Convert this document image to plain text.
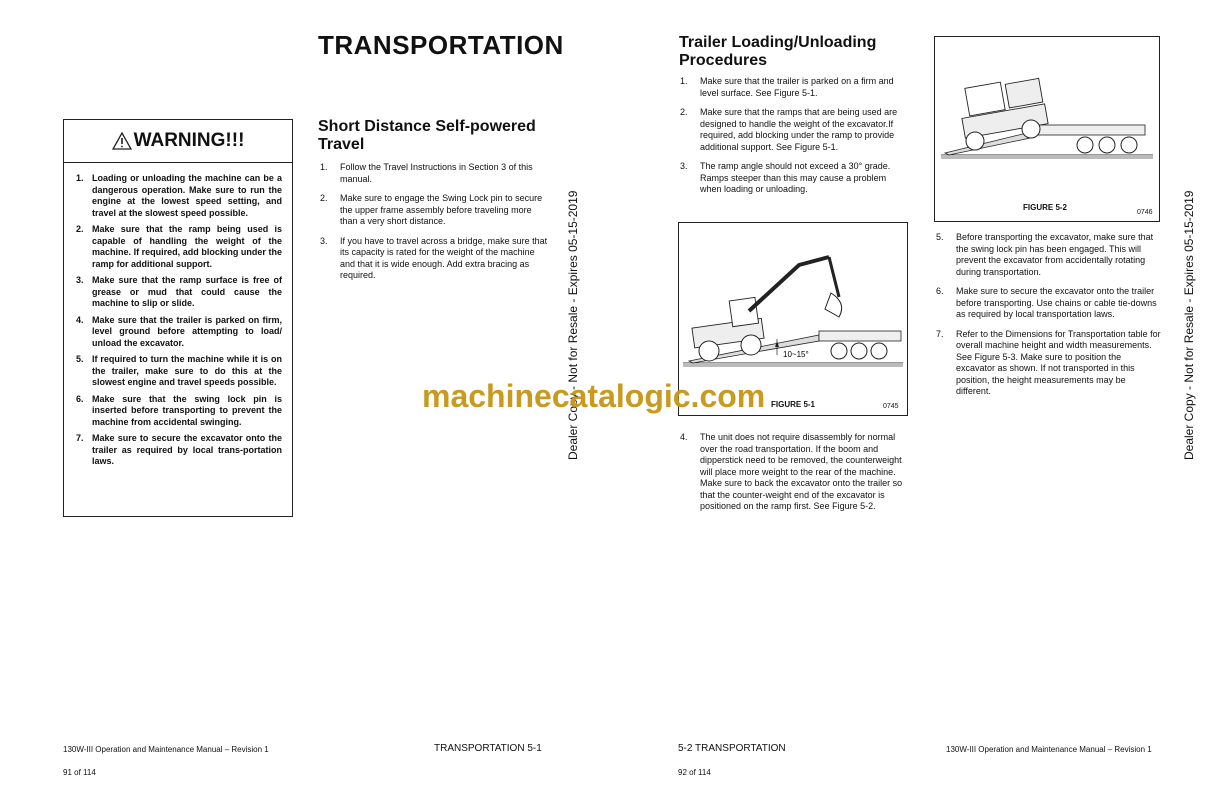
TRANSPORTATION
WARNING!!!
1. Loading or unloading the machine can be a dangerous operation. Make sure to run the engine at the lowest speed setting, and travel at the slowest speed possible.
2. Make sure that the ramp being used is capable of handling the weight of the machine. If required, add blocking under the ramp for additional support.
3. Make sure that the ramp surface is free of grease or mud that could cause the machine to slip or slide.
4. Make sure that the trailer is parked on firm, level ground before attempting to load/ unload the excavator.
5. If required to turn the machine while it is on the trailer, make sure to do this at the slowest engine and travel speeds possible.
6. Make sure that the swing lock pin is inserted before transporting to prevent the machine from accidental swinging.
7. Make sure to secure the excavator onto the trailer as required by local trans-portation laws.
Short Distance Self-powered Travel
1.	Follow the Travel Instructions in Section 3 of this manual.
2.	Make sure to engage the Swing Lock pin to secure the upper frame assembly before traveling more than a very short distance.
3.	If you have to travel across a bridge, make sure that its capacity is rated for the weight of the machine and that it is wide enough. Add extra bracing as required.	Dealer Copy - Not for Resale - Expires 05-15-2019
130W-III Operation and Maintenance Manual – Revision 1	TRANSPORTATION 5-1
91 of 114
Trailer Loading/Unloading Procedures
1.	Make sure that the trailer is parked on a firm and level surface. See Figure 5-1.
2.	Make sure that the ramps that are being used are designed to handle the weight of the excavator.If required, add blocking under the ramp to provide additional support. See Figure 5-1.
3.	The ramp angle should not exceed a 30° grade. Ramps steeper than this may cause a problem when loading or unloading.
10~15°
FIGURE 5-1	0745
4.	The unit does not require disassembly for normal over the road transportation. If the boom and dipperstick need to be removed, the counterweight will place more weight to the rear of the machine. Make sure to back the excavator onto the trailer so that the counter-weight end of the excavator is positioned on the ramp first. See Figure 5-2.
FIGURE 5-2
0746
5.	Before transporting the excavator, make sure that the swing lock pin has been engaged. This will prevent the excavator from accidentally rotating during transportation.
6.	Make sure to secure the excavator onto the trailer before transporting. Use chains or cable tie-downs as required by local transportation laws.
7.	Refer to the Dimensions for Transportation table for overall machine height and width measurements. See Figure 5-3. Make sure to position the excavator as shown. If not transported in this position, the height measurements may be different.	Dealer Copy - Not for Resale - Expires 05-15-2019
5-2 TRANSPORTATION	130W-III Operation and Maintenance Manual – Revision 1
92 of 114
machinecatalogic.com
